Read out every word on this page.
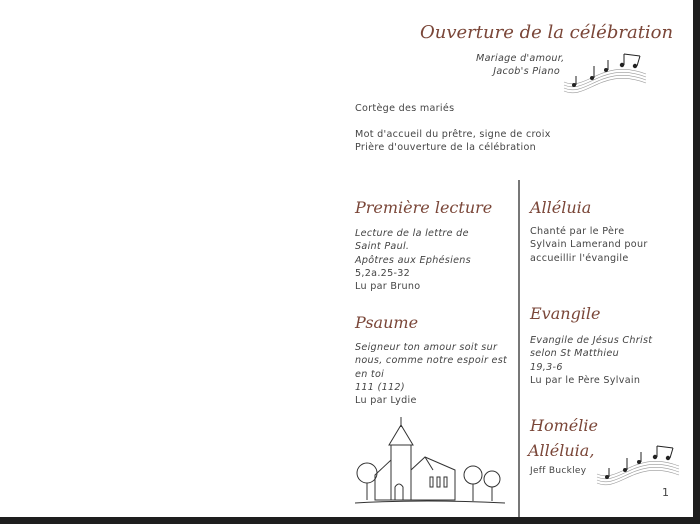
Ouverture de la célébration
Mariage d'amour,
Jacob's Piano
Cortège des mariés
Mot d'accueil du prêtre, signe de croix
Prière d'ouverture de la célébration
Première lecture
Lecture de la lettre de
Saint Paul.
Apôtres aux Ephésiens
5,2a.25-32
Lu par Bruno
Psaume
Seigneur ton amour soit sur
nous, comme notre espoir est
en toi
111 (112)
Lu par Lydie
Alléluia
Chanté par le Père
Sylvain Lamerand pour
accueillir l'évangile
Evangile
Evangile de Jésus Christ
selon St Matthieu
19,3-6
Lu par le Père Sylvain
Homélie
Alléluia,
Jeff Buckley
1
